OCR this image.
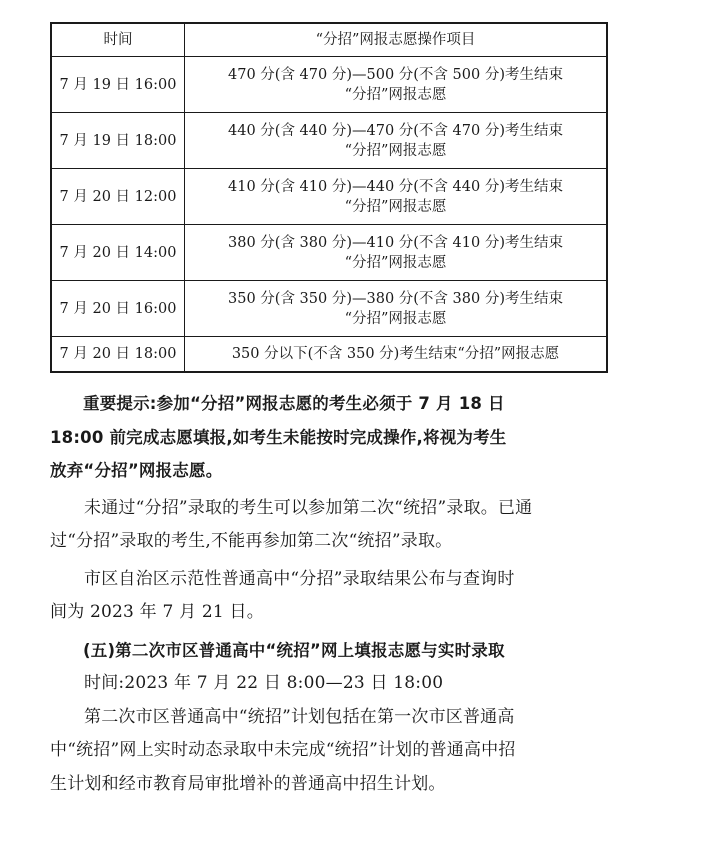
时间	“分招”网报志愿操作项目
7 月 19 日 16:00	470 分(含 470 分)—500 分(不含 500 分)考生结束
“分招”网报志愿

7 月 19 日 18:00	440 分(含 440 分)—470 分(不含 470 分)考生结束
“分招”网报志愿

7 月 20 日 12:00	410 分(含 410 分)—440 分(不含 440 分)考生结束
“分招”网报志愿

7 月 20 日 14:00	380 分(含 380 分)—410 分(不含 410 分)考生结束
“分招”网报志愿

7 月 20 日 16:00	350 分(含 350 分)—380 分(不含 380 分)考生结束
“分招”网报志愿

7 月 20 日 18:00	350 分以下(不含 350 分)考生结束“分招”网报志愿

重要提示:参加“分招”网报志愿的考生必须于 7 月 18 日
18:00 前完成志愿填报,如考生未能按时完成操作,将视为考生
放弃“分招”网报志愿。

未通过“分招”录取的考生可以参加第二次“统招”录取。已通
过“分招”录取的考生,不能再参加第二次“统招”录取。

市区自治区示范性普通高中“分招”录取结果公布与查询时
间为 2023 年 7 月 21 日。

(五)第二次市区普通高中“统招”网上填报志愿与实时录取

时间:2023 年 7 月 22 日 8:00—23 日 18:00

第二次市区普通高中“统招”计划包括在第一次市区普通高
中“统招”网上实时动态录取中未完成“统招”计划的普通高中招
生计划和经市教育局审批增补的普通高中招生计划。
